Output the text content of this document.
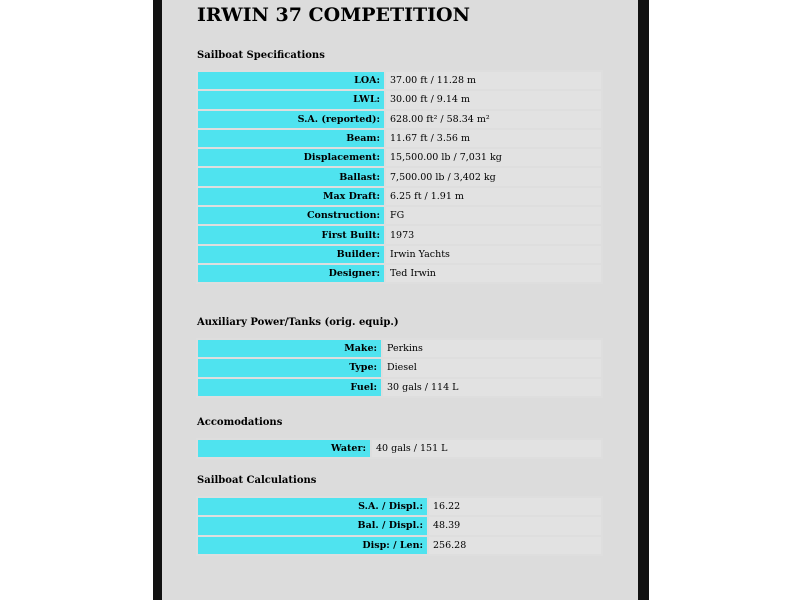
IRWIN 37 COMPETITION
Sailboat Specifications
LOA:	37.00 ft / 11.28 m
LWL:	30.00 ft / 9.14 m
S.A. (reported):	628.00 ft² / 58.34 m²
Beam:	11.67 ft / 3.56 m
Displacement:	15,500.00 lb / 7,031 kg
Ballast:	7,500.00 lb / 3,402 kg
Max Draft:	6.25 ft / 1.91 m
Construction:	FG
First Built:	1973
Builder:	Irwin Yachts
Designer:	Ted Irwin
Auxiliary Power/Tanks (orig. equip.)
Make:	Perkins
Type:	Diesel
Fuel:	30 gals / 114 L
Accomodations
Water:	40 gals / 151 L
Sailboat Calculations
S.A. / Displ.:	16.22
Bal. / Displ.:	48.39
Disp: / Len:	256.28
